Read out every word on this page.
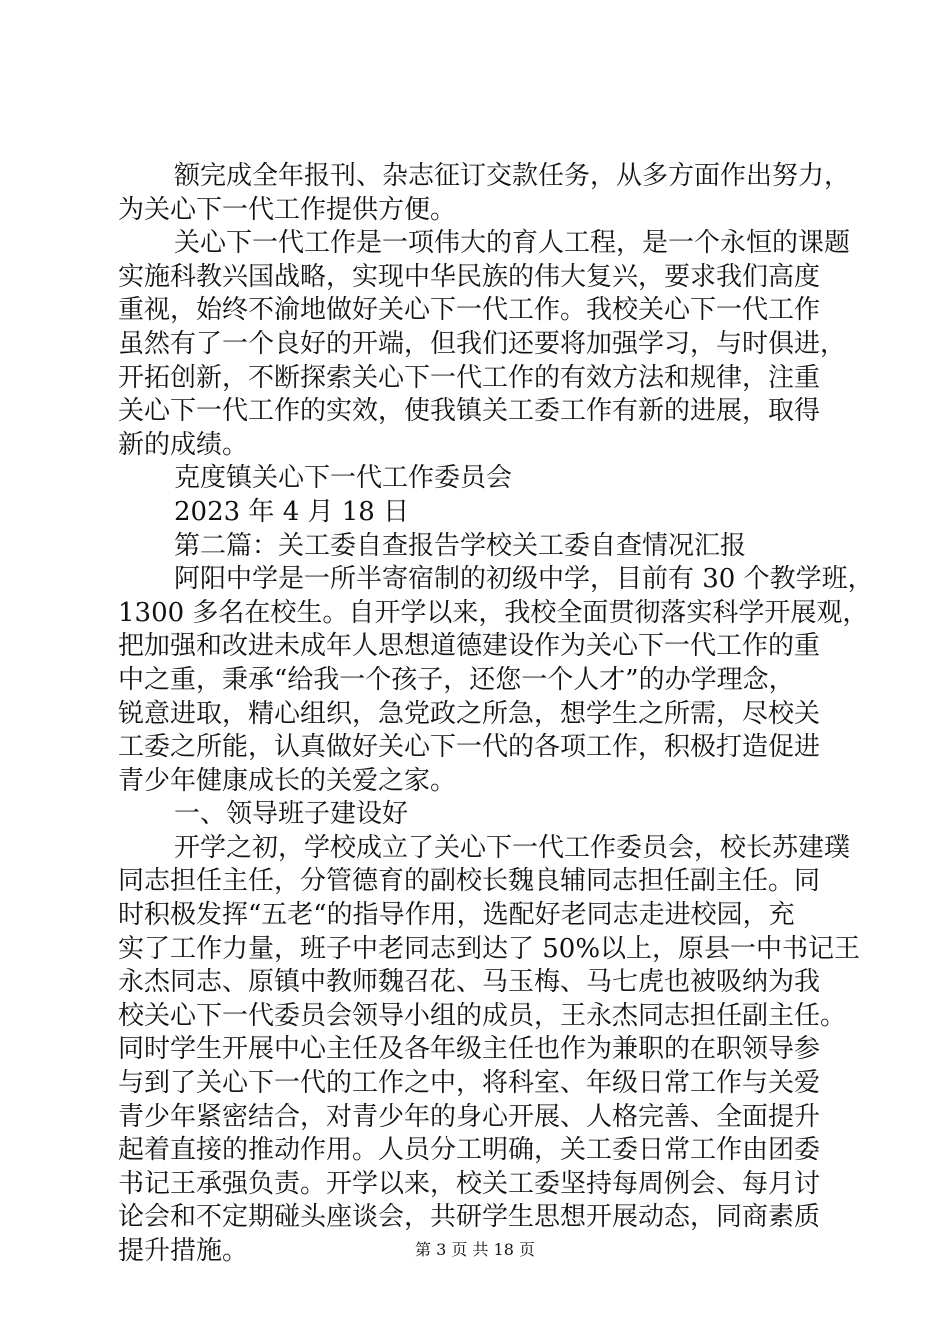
额完成全年报刊、杂志征订交款任务，从多方面作出努力，
为关心下一代工作提供方便。
关心下一代工作是一项伟大的育人工程，是一个永恒的课题
实施科教兴国战略，实现中华民族的伟大复兴，要求我们高度
重视，始终不渝地做好关心下一代工作。我校关心下一代工作
虽然有了一个良好的开端，但我们还要将加强学习，与时俱进，
开拓创新，不断探索关心下一代工作的有效方法和规律，注重
关心下一代工作的实效，使我镇关工委工作有新的进展，取得
新的成绩。
克度镇关心下一代工作委员会
2023 年 4 月 18 日
第二篇：关工委自查报告学校关工委自查情况汇报
阿阳中学是一所半寄宿制的初级中学，目前有 30 个教学班，
1300 多名在校生。自开学以来，我校全面贯彻落实科学开展观，
把加强和改进未成年人思想道德建设作为关心下一代工作的重
中之重，秉承“给我一个孩子，还您一个人才”的办学理念，
锐意进取，精心组织，急党政之所急，想学生之所需，尽校关
工委之所能，认真做好关心下一代的各项工作，积极打造促进
青少年健康成长的关爱之家。
一、领导班子建设好
开学之初，学校成立了关心下一代工作委员会，校长苏建璞
同志担任主任，分管德育的副校长魏良辅同志担任副主任。同
时积极发挥“五老“的指导作用，选配好老同志走进校园，充
实了工作力量，班子中老同志到达了 50%以上，原县一中书记王
永杰同志、原镇中教师魏召花、马玉梅、马七虎也被吸纳为我
校关心下一代委员会领导小组的成员，王永杰同志担任副主任。
同时学生开展中心主任及各年级主任也作为兼职的在职领导参
与到了关心下一代的工作之中，将科室、年级日常工作与关爱
青少年紧密结合，对青少年的身心开展、人格完善、全面提升
起着直接的推动作用。人员分工明确，关工委日常工作由团委
书记王承强负责。开学以来，校关工委坚持每周例会、每月讨
论会和不定期碰头座谈会，共研学生思想开展动态，同商素质
提升措施。	第 3 页 共 18 页
